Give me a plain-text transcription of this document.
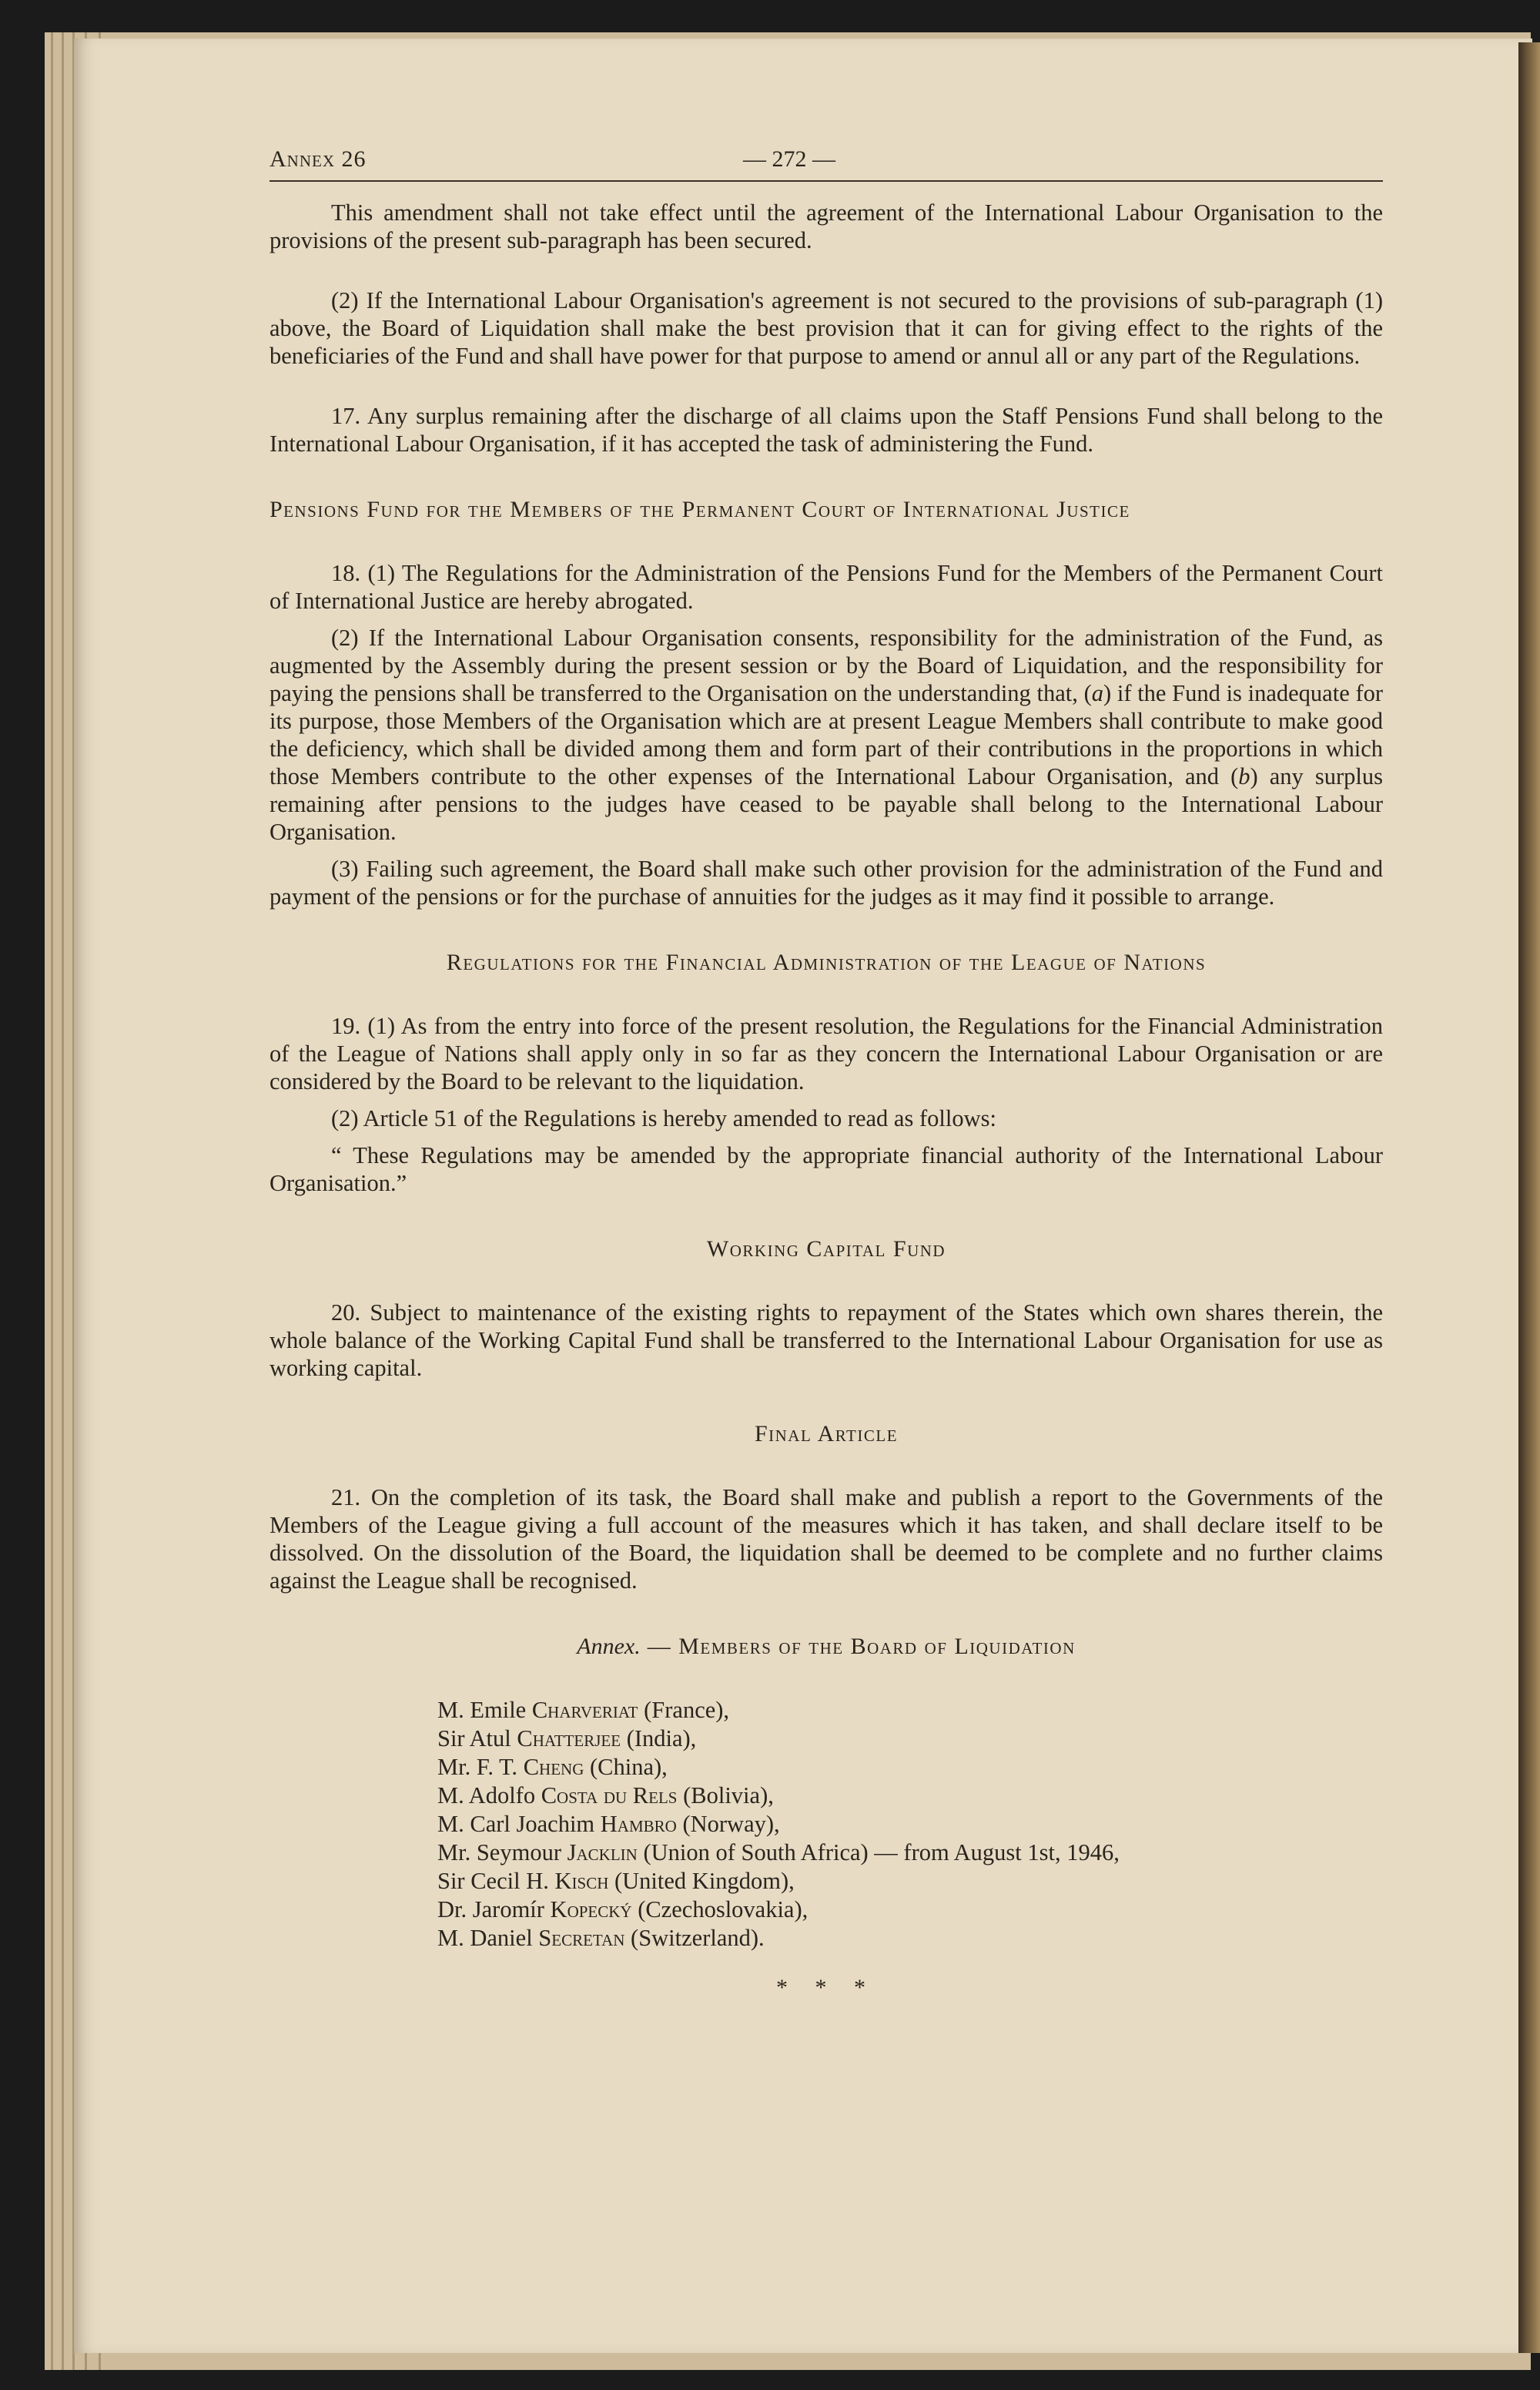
Annex 26	— 272 —

This amendment shall not take effect until the agreement of the International Labour Organisation to the provisions of the present sub-paragraph has been secured.

(2) If the International Labour Organisation's agreement is not secured to the provisions of sub-paragraph (1) above, the Board of Liquidation shall make the best provision that it can for giving effect to the rights of the beneficiaries of the Fund and shall have power for that purpose to amend or annul all or any part of the Regulations.

17. Any surplus remaining after the discharge of all claims upon the Staff Pensions Fund shall belong to the International Labour Organisation, if it has accepted the task of administering the Fund.

Pensions Fund for the Members of the Permanent Court of International Justice

18. (1) The Regulations for the Administration of the Pensions Fund for the Members of the Permanent Court of International Justice are hereby abrogated.

(2) If the International Labour Organisation consents, responsibility for the administration of the Fund, as augmented by the Assembly during the present session or by the Board of Liquidation, and the responsibility for paying the pensions shall be transferred to the Organisation on the understanding that, (a) if the Fund is inadequate for its purpose, those Members of the Organisation which are at present League Members shall contribute to make good the deficiency, which shall be divided among them and form part of their contributions in the proportions in which those Members contribute to the other expenses of the International Labour Organisation, and (b) any surplus remaining after pensions to the judges have ceased to be payable shall belong to the International Labour Organisation.

(3) Failing such agreement, the Board shall make such other provision for the administration of the Fund and payment of the pensions or for the purchase of annuities for the judges as it may find it possible to arrange.

Regulations for the Financial Administration of the League of Nations

19. (1) As from the entry into force of the present resolution, the Regulations for the Financial Administration of the League of Nations shall apply only in so far as they concern the International Labour Organisation or are considered by the Board to be relevant to the liquidation.

(2) Article 51 of the Regulations is hereby amended to read as follows:

“ These Regulations may be amended by the appropriate financial authority of the International Labour Organisation.”

Working Capital Fund

20. Subject to maintenance of the existing rights to repayment of the States which own shares therein, the whole balance of the Working Capital Fund shall be transferred to the International Labour Organisation for use as working capital.

Final Article

21. On the completion of its task, the Board shall make and publish a report to the Governments of the Members of the League giving a full account of the measures which it has taken, and shall declare itself to be dissolved. On the dissolution of the Board, the liquidation shall be deemed to be complete and no further claims against the League shall be recognised.

Annex. — Members of the Board of Liquidation

M. Emile Charveriat (France),
Sir Atul Chatterjee (India),
Mr. F. T. Cheng (China),
M. Adolfo Costa du Rels (Bolivia),
M. Carl Joachim Hambro (Norway),
Mr. Seymour Jacklin (Union of South Africa) — from August 1st, 1946,
Sir Cecil H. Kisch (United Kingdom),
Dr. Jaromír Kopecký (Czechoslovakia),
M. Daniel Secretan (Switzerland).
* * *
